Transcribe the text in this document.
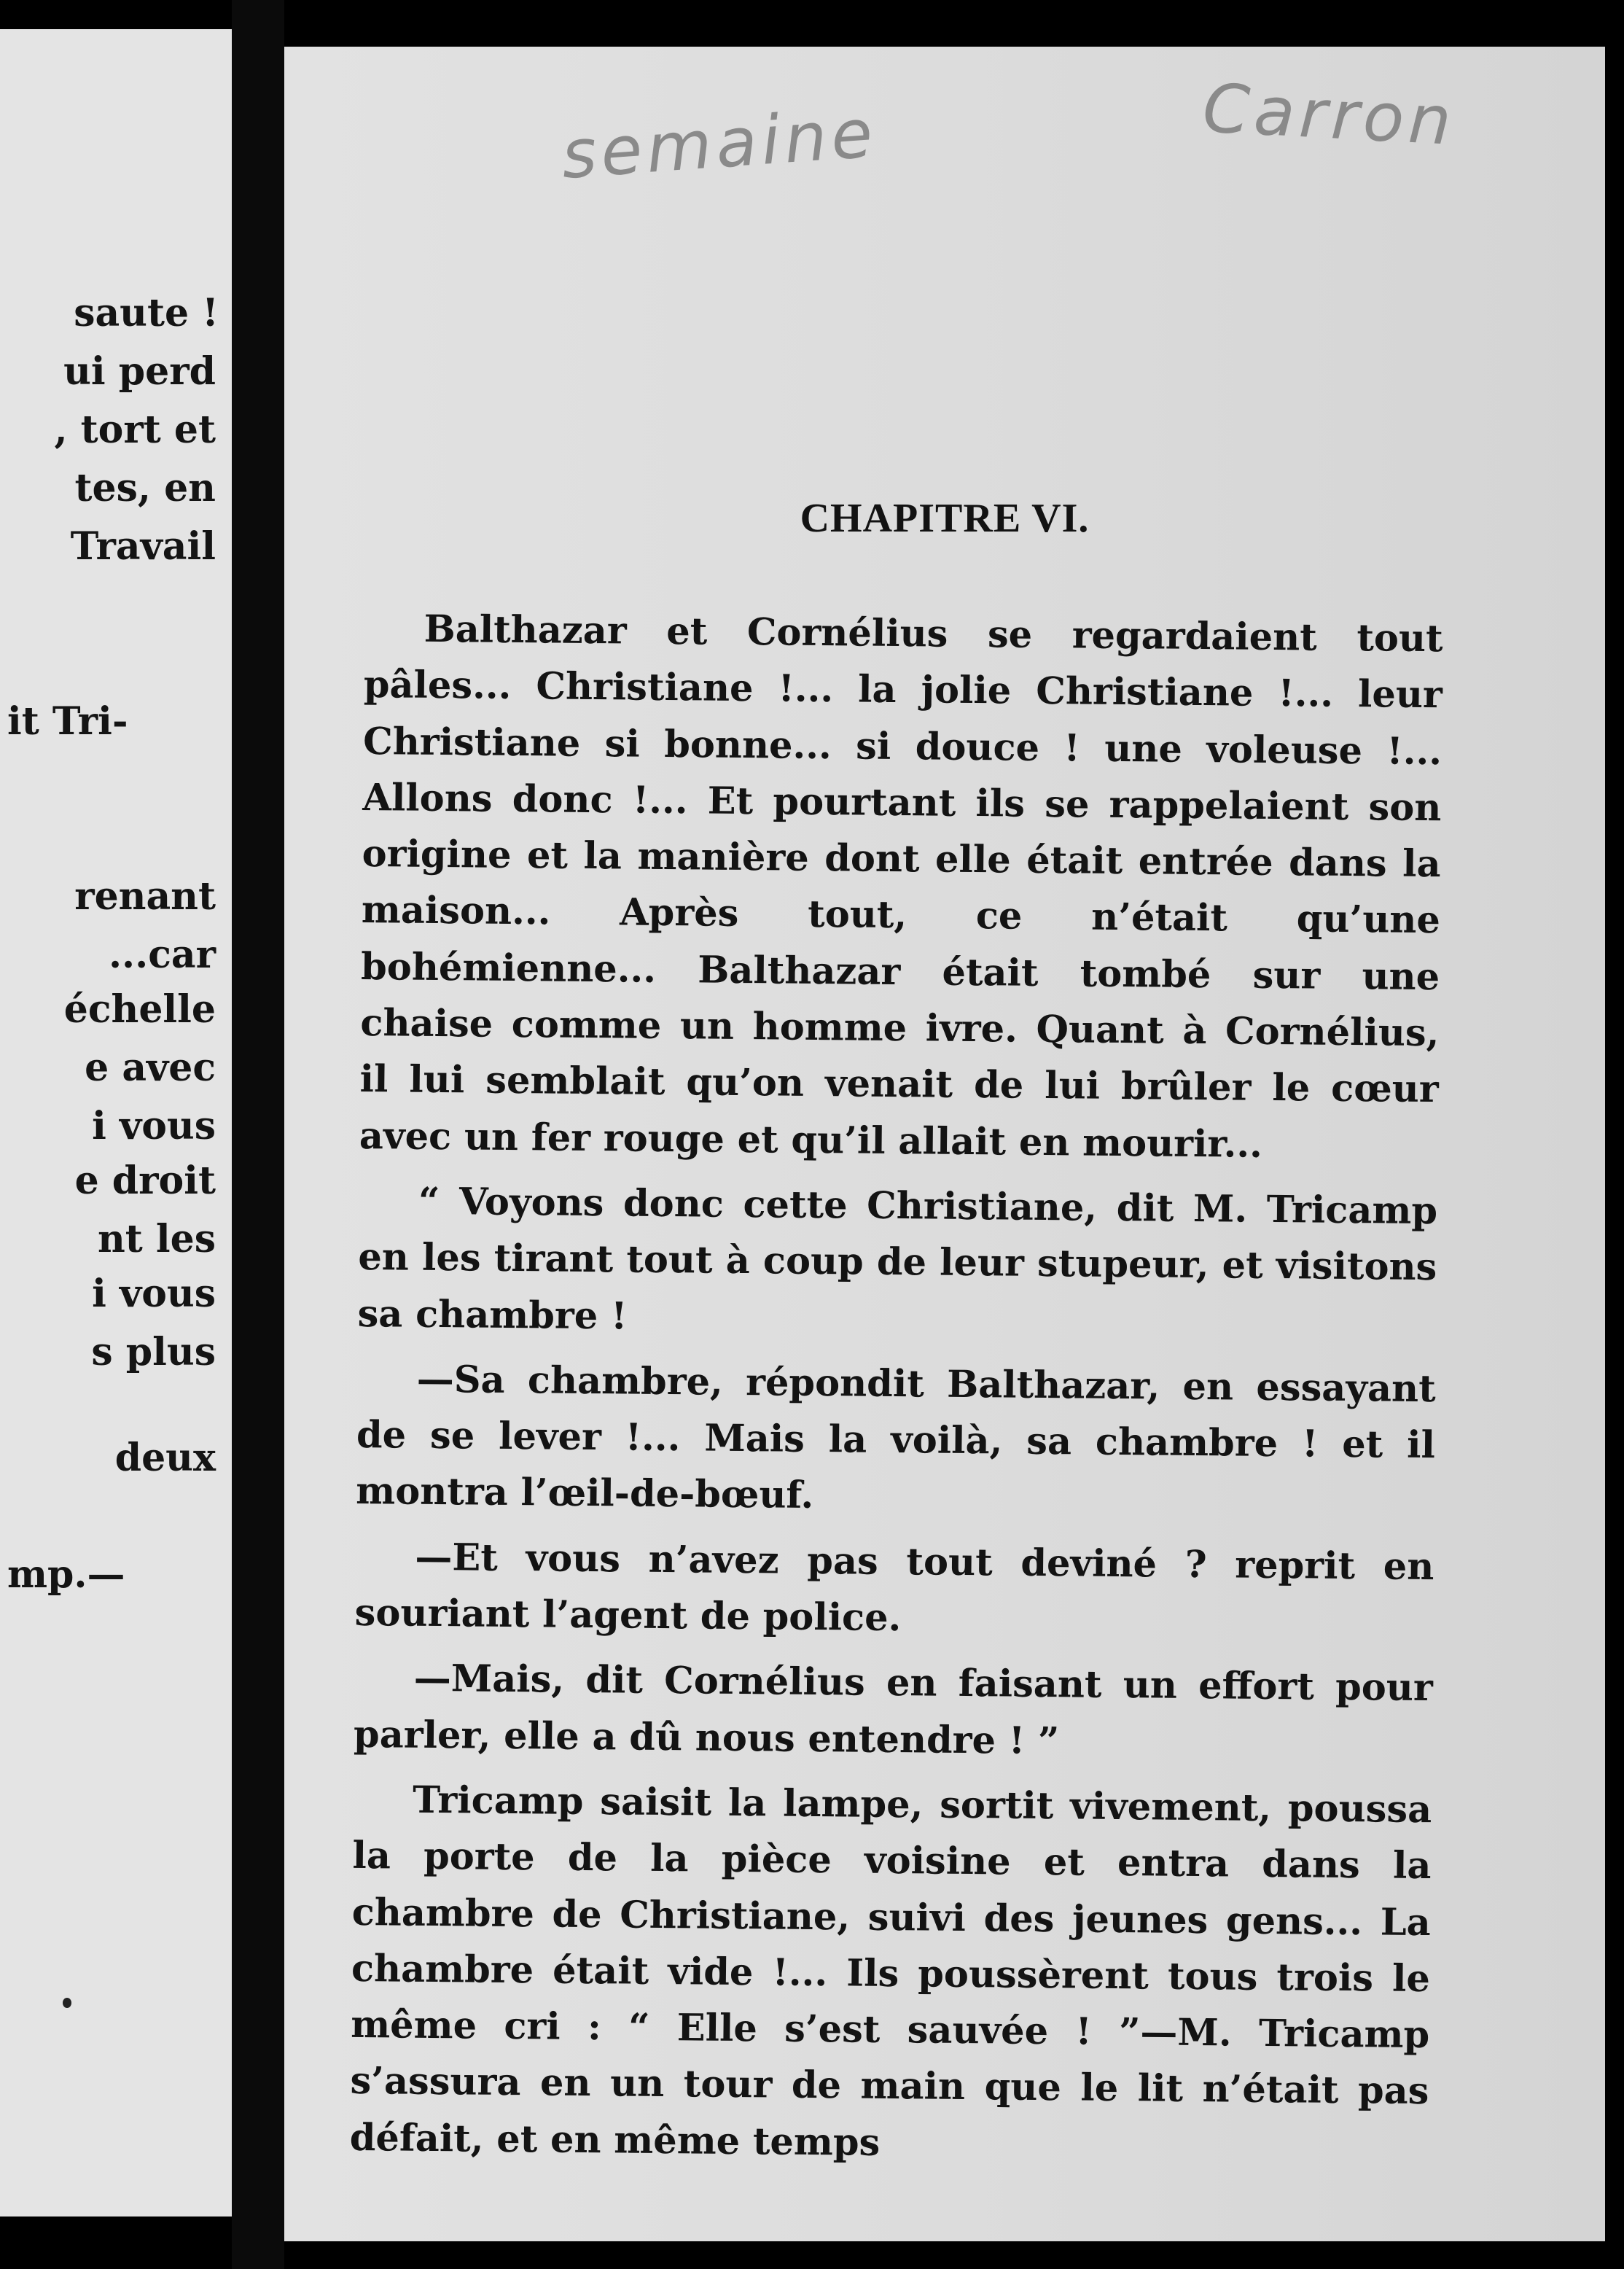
saute !
ui perd
, tort et
tes, en
Travail
it Tri-
renant
...car
échelle
e avec
i vous
e droit
nt les
i vous
s plus
deux
mp.—
semaine	Carron
CHAPITRE VI.

Balthazar et Cornélius se regardaient tout pâles... Christiane !... la jolie Christiane !... leur Christiane si bonne... si douce ! une voleuse !... Allons donc !... Et pourtant ils se rappelaient son origine et la manière dont elle était entrée dans la maison... Après tout, ce n’était qu’une bohémienne... Balthazar était tombé sur une chaise comme un homme ivre. Quant à Cornélius, il lui semblait qu’on venait de lui brûler le cœur avec un fer rouge et qu’il allait en mourir...

“ Voyons donc cette Christiane, dit M. Tricamp en les tirant tout à coup de leur stupeur, et visitons sa chambre !

—Sa chambre, répondit Balthazar, en essayant de se lever !... Mais la voilà, sa chambre ! et il montra l’œil-de-bœuf.

—Et vous n’avez pas tout deviné ? reprit en souriant l’agent de police.

—Mais, dit Cornélius en faisant un effort pour parler, elle a dû nous entendre ! ”

Tricamp saisit la lampe, sortit vivement, poussa la porte de la pièce voisine et entra dans la chambre de Christiane, suivi des jeunes gens... La chambre était vide !... Ils poussèrent tous trois le même cri : “ Elle s’est sauvée ! ”—M. Tricamp s’assura en un tour de main que le lit n’était pas défait, et en même temps
